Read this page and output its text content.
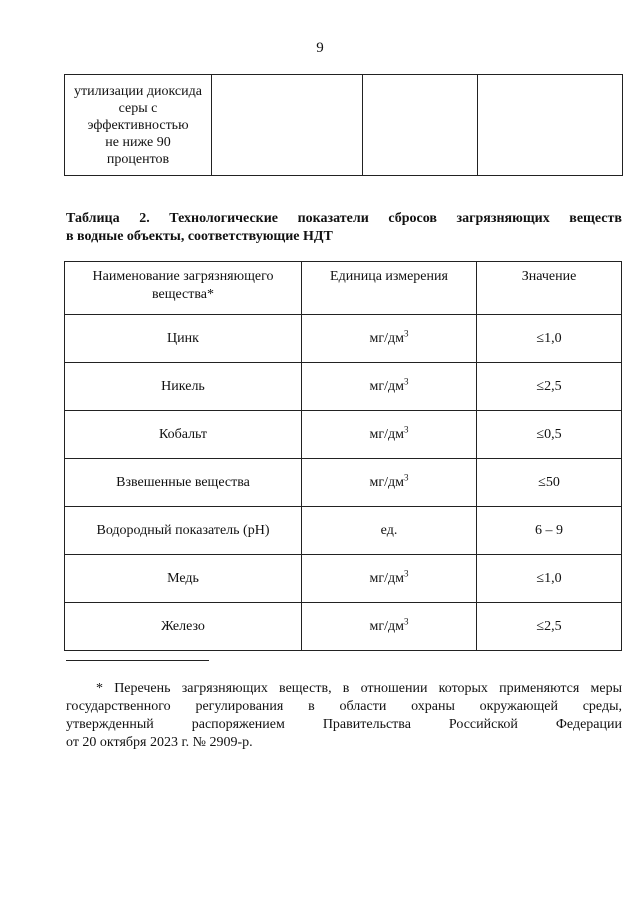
9
утилизации диоксида
серы с
эффективностью
не ниже 90
процентов

Таблица 2. Технологические показатели сбросов загрязняющих веществ
в водные объекты, соответствующие НДТ
Наименование загрязняющего
вещества*	Единица измерения	Значение
Цинк	$мг/дм^3$	≤1,0
Никель	$мг/дм^3$	≤2,5
Кобальт	$мг/дм^3$	≤0,5
Взвешенные вещества	$мг/дм^3$	≤50
Водородный показатель (pH)	ед.	6 – 9
Медь	$мг/дм^3$	≤1,0
Железо	$мг/дм^3$	≤2,5
* Перечень загрязняющих веществ, в отношении которых применяются меры
государственного регулирования в области охраны окружающей среды,
утвержденный распоряжением Правительства Российской Федерации
от 20 октября 2023 г. № 2909-р.
